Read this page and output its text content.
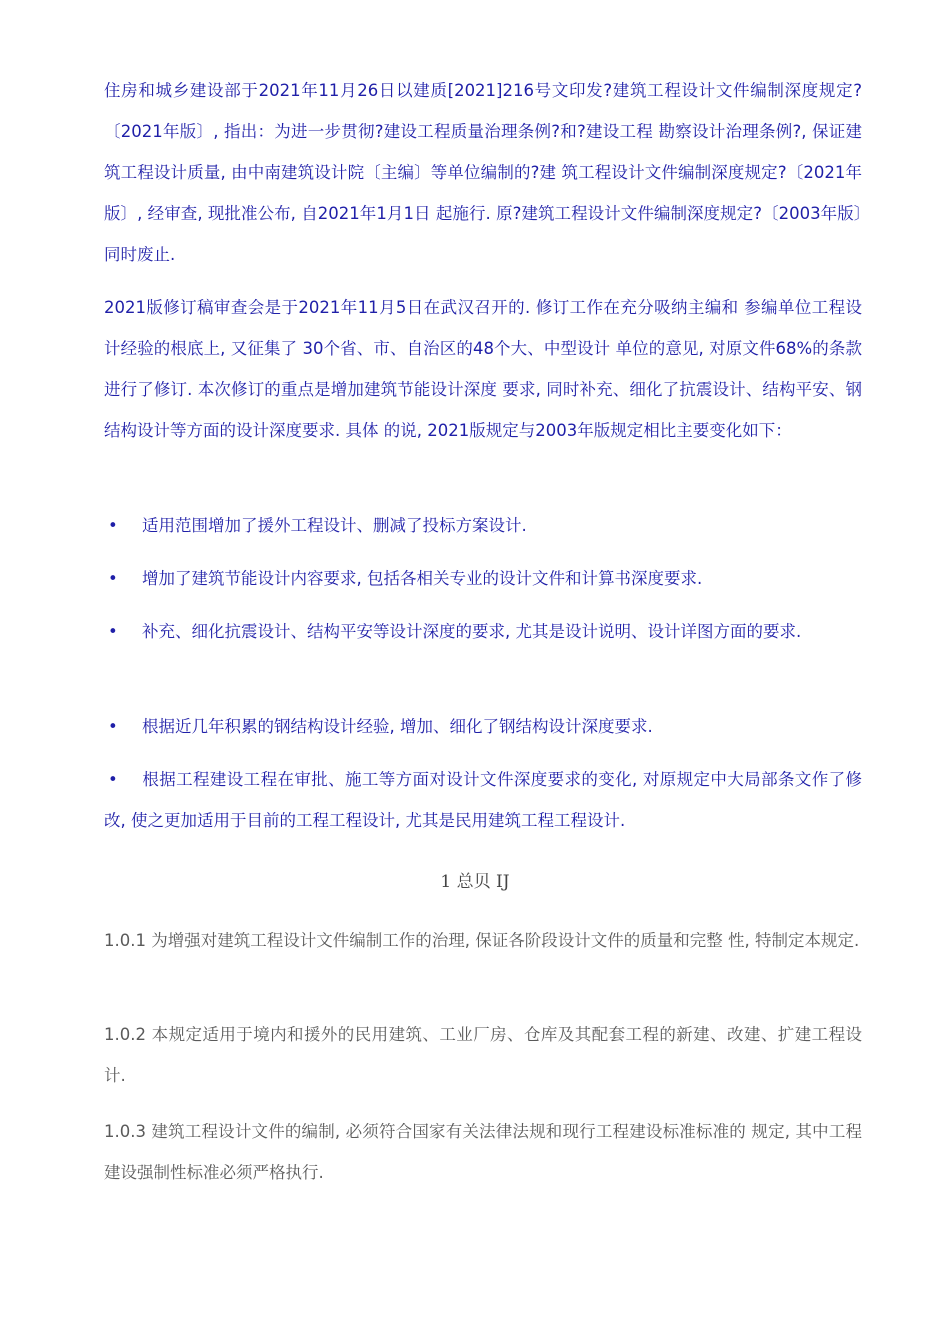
住房和城乡建设部于2021年11月26日以建质[2021]216号文印发?建筑工程设计文件编制深度规定?〔2021年版〕, 指出：为进一步贯彻?建设工程质量治理条例?和?建设工程 勘察设计治理条例?, 保证建筑工程设计质量, 由中南建筑设计院〔主编〕等单位编制的?建 筑工程设计文件编制深度规定?〔2021年版〕, 经审查, 现批准公布, 自2021年1月1日 起施行. 原?建筑工程设计文件编制深度规定?〔2003年版〕同时废止.

2021版修订稿审查会是于2021年11月5日在武汉召开的. 修订工作在充分吸纳主编和 参编单位工程设计经验的根底上, 又征集了 30个省、市、自治区的48个大、中型设计 单位的意见, 对原文件68%的条款进行了修订. 本次修订的重点是增加建筑节能设计深度 要求, 同时补充、细化了抗震设计、结构平安、钢结构设计等方面的设计深度要求. 具体 的说, 2021版规定与2003年版规定相比主要变化如下：

• 适用范围增加了援外工程设计、删减了投标方案设计.
• 增加了建筑节能设计内容要求, 包括各相关专业的设计文件和计算书深度要求.
• 补充、细化抗震设计、结构平安等设计深度的要求, 尤其是设计说明、设计详图方面的要求.
• 根据近几年积累的钢结构设计经验, 增加、细化了钢结构设计深度要求.
• 根据工程建设工程在审批、施工等方面对设计文件深度要求的变化, 对原规定中大局部条文作了修改, 使之更加适用于目前的工程工程设计, 尤其是民用建筑工程工程设计.
1 总贝 IJ

1.0.1 为增强对建筑工程设计文件编制工作的治理, 保证各阶段设计文件的质量和完整 性, 特制定本规定.

1.0.2 本规定适用于境内和援外的民用建筑、工业厂房、仓库及其配套工程的新建、改建、扩建工程设计.

1.0.3 建筑工程设计文件的编制, 必须符合国家有关法律法规和现行工程建设标准标准的 规定, 其中工程建设强制性标准必须严格执行.
